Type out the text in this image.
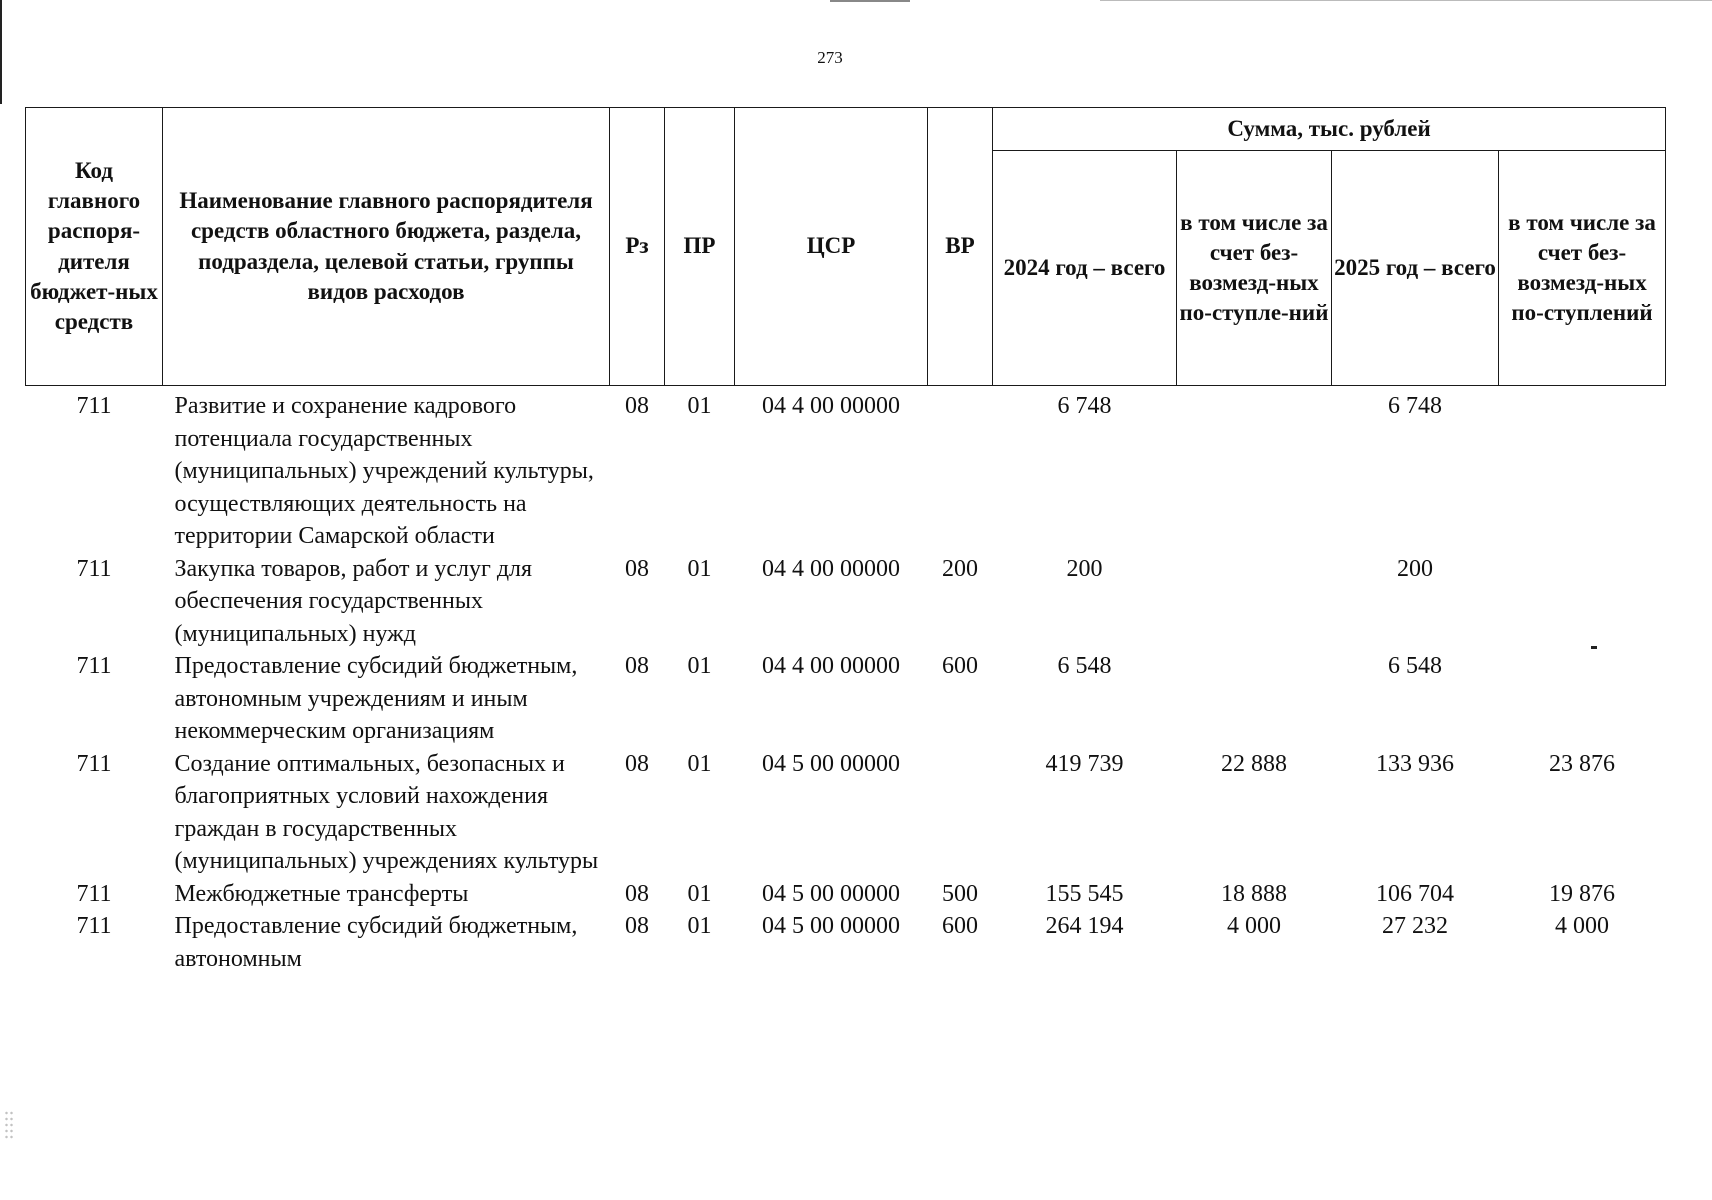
273
Код главного распоря-дителя бюджет-ных средств	Наименование главного распорядителя средств областного бюджета, раздела, подраздела, целевой статьи, группы видов расходов	Рз	ПР	ЦСР	ВР	Сумма, тыс. рублей			
						2024 год – всего	в том числе за счет без-возмезд-ных по-ступле-ний	2025 год – всего	в том числе за счет без-возмезд-ных по-ступлений
711	Развитие и сохранение кадрового потенциала государственных (муниципальных) учреждений культуры, осуществляющих деятельность на территории Самарской области	08	01	04 4 00 00000		6 748		6 748	
711	Закупка товаров, работ и услуг для обеспечения государственных (муниципальных) нужд	08	01	04 4 00 00000	200	200		200	
711	Предоставление субсидий бюджетным, автономным учреждениям и иным некоммерческим организациям	08	01	04 4 00 00000	600	6 548		6 548	
711	Создание оптимальных, безопасных и благоприятных условий нахождения граждан в государственных (муниципальных) учреждениях культуры	08	01	04 5 00 00000		419 739	22 888	133 936	23 876
711	Межбюджетные трансферты	08	01	04 5 00 00000	500	155 545	18 888	106 704	19 876
711	Предоставление субсидий бюджетным, автономным	08	01	04 5 00 00000	600	264 194	4 000	27 232	4 000
